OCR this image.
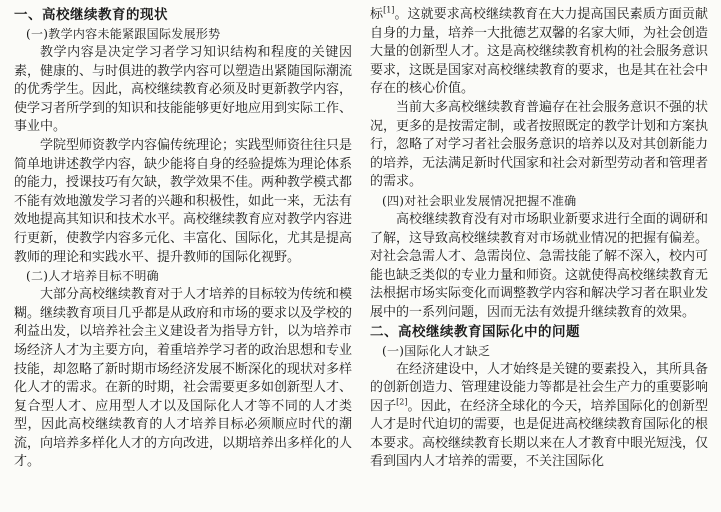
一、高校继续教育的现状
(一)教学内容未能紧跟国际发展形势

教学内容是决定学习者学习知识结构和程度的关键因素，健康的、与时俱进的教学内容可以塑造出紧随国际潮流的优秀学生。因此，高校继续教育必须及时更新教学内容，使学习者所学到的知识和技能能够更好地应用到实际工作、事业中。

学院型师资教学内容偏传统理论；实践型师资往往只是简单地讲述教学内容，缺少能将自身的经验提炼为理论体系的能力，授课技巧有欠缺，教学效果不佳。两种教学模式都不能有效地激发学习者的兴趣和积极性，如此一来，无法有效地提高其知识和技术水平。高校继续教育应对教学内容进行更新，使教学内容多元化、丰富化、国际化，尤其是提高教师的理论和实践水平、提升教师的国际化视野。

(二)人才培养目标不明确

大部分高校继续教育对于人才培养的目标较为传统和模糊。继续教育项目几乎都是从政府和市场的要求以及学校的利益出发，以培养社会主义建设者为指导方针，以为培养市场经济人才为主要方向，着重培养学习者的政治思想和专业技能，却忽略了新时期市场经济发展不断深化的现状对多样化人才的需求。在新的时期，社会需要更多如创新型人才、复合型人才、应用型人才以及国际化人才等不同的人才类型，因此高校继续教育的人才培养目标必须顺应时代的潮流，向培养多样化人才的方向改进，以期培养出多样化的人才。

标[1]。这就要求高校继续教育在大力提高国民素质方面贡献自身的力量，培养一大批德艺双馨的名家大师，为社会创造大量的创新型人才。这是高校继续教育机构的社会服务意识要求，这既是国家对高校继续教育的要求，也是其在社会中存在的核心价值。

当前大多高校继续教育普遍存在社会服务意识不强的状况，更多的是按需定制，或者按照既定的教学计划和方案执行，忽略了对学习者社会服务意识的培养以及对其创新能力的培养，无法满足新时代国家和社会对新型劳动者和管理者的需求。

(四)对社会职业发展情况把握不准确

高校继续教育没有对市场职业新要求进行全面的调研和了解，这导致高校继续教育对市场就业情况的把握有偏差。对社会急需人才、急需岗位、急需技能了解不深入，校内可能也缺乏类似的专业力量和师资。这就使得高校继续教育无法根据市场实际变化而调整教学内容和解决学习者在职业发展中的一系列问题，因而无法有效提升继续教育的效果。

二、高校继续教育国际化中的问题
(一)国际化人才缺乏

在经济建设中，人才始终是关键的要素投入，其所具备的创新创造力、管理建设能力等都是社会生产力的重要影响因子[2]。因此，在经济全球化的今天，培养国际化的创新型人才是时代迫切的需要，也是促进高校继续教育国际化的根本要求。高校继续教育长期以来在人才教育中眼光短浅，仅看到国内人才培养的需要，不关注国际化
